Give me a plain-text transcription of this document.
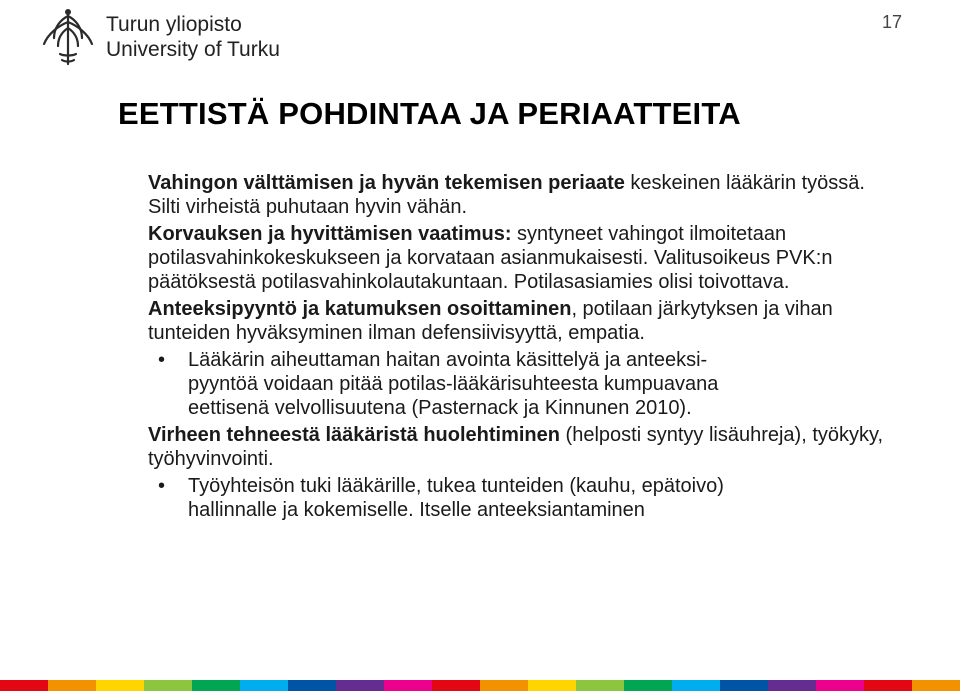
Turun yliopisto
University of Turku
17
EETTISTÄ POHDINTAA JA PERIAATTEITA

Vahingon välttämisen ja hyvän tekemisen periaate keskeinen lääkärin työssä. Silti virheistä puhutaan hyvin vähän.

Korvauksen ja hyvittämisen vaatimus: syntyneet vahingot ilmoitetaan potilasvahinkokeskukseen ja korvataan asianmukaisesti. Valitusoikeus PVK:n päätöksestä potilasvahinkolautakuntaan. Potilasasiamies olisi toivottava.

Anteeksipyyntö ja katumuksen osoittaminen, potilaan järkytyksen ja vihan tunteiden hyväksyminen ilman defensiivisyyttä, empatia.

• Lääkärin aiheuttaman haitan avointa käsittelyä ja anteeksi-
pyyntöä voidaan pitää potilas-lääkärisuhteesta kumpuavana
eettisenä velvollisuutena (Pasternack ja Kinnunen 2010).

Virheen tehneestä lääkäristä huolehtiminen (helposti syntyy lisäuhreja), työkyky, työhyvinvointi.

• Työyhteisön tuki lääkärille, tukea tunteiden (kauhu, epätoivo)
hallinnalle ja kokemiselle. Itselle anteeksiantaminen
